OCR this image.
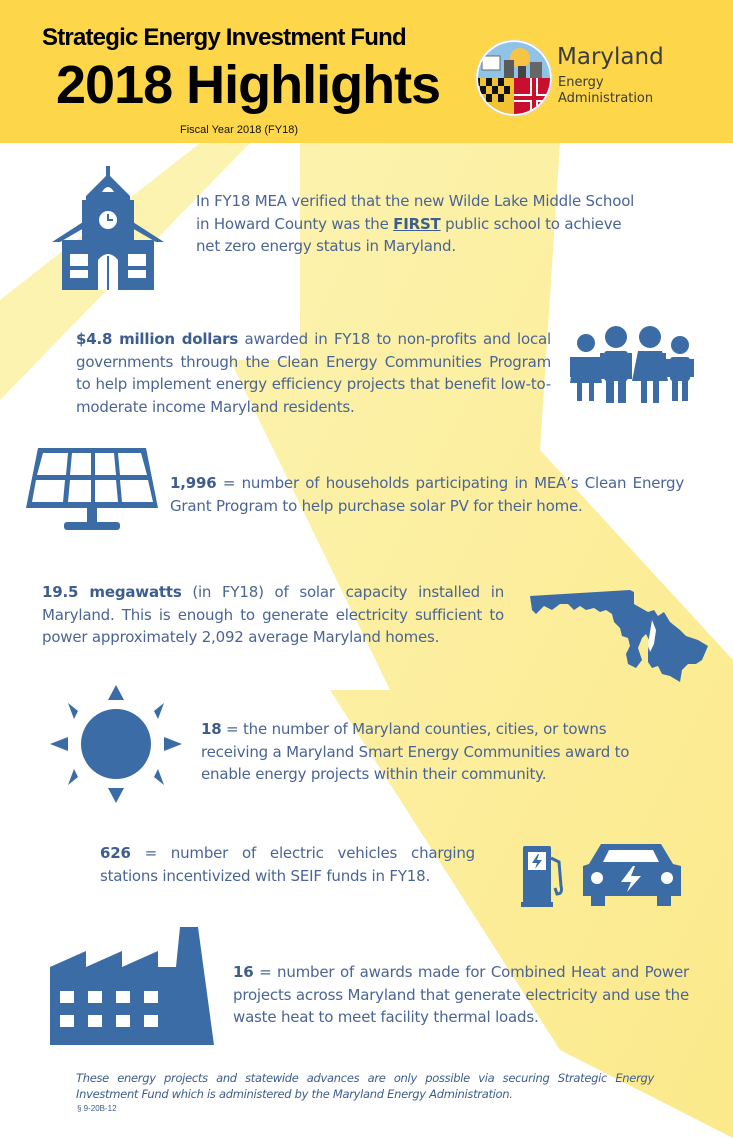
Strategic Energy Investment Fund
2018 Highlights
Fiscal Year 2018 (FY18)
Maryland
Energy
Administration
In FY18 MEA verified that the new Wilde Lake Middle School in Howard County was the FIRST public school to achieve net zero energy status in Maryland.
$4.8 million dollars awarded in FY18 to non-profits and local governments through the Clean Energy Communities Program to help implement energy efficiency projects that benefit low-to-moderate income Maryland residents.
1,996 = number of households participating in MEA’s Clean Energy Grant Program to help purchase solar PV for their home.
19.5 megawatts (in FY18) of solar capacity installed in Maryland. This is enough to generate electricity sufficient to power approximately 2,092 average Maryland homes.
18 = the number of Maryland counties, cities, or towns receiving a Maryland Smart Energy Communities award to enable energy projects within their community.
626 = number of electric vehicles charging stations incentivized with SEIF funds in FY18.
16 = number of awards made for Combined Heat and Power projects across Maryland that generate electricity and use the waste heat to meet facility thermal loads.
These energy projects and statewide advances are only possible via securing Strategic Energy Investment Fund which is administered by the Maryland Energy Administration.
§ 9-20B-12
